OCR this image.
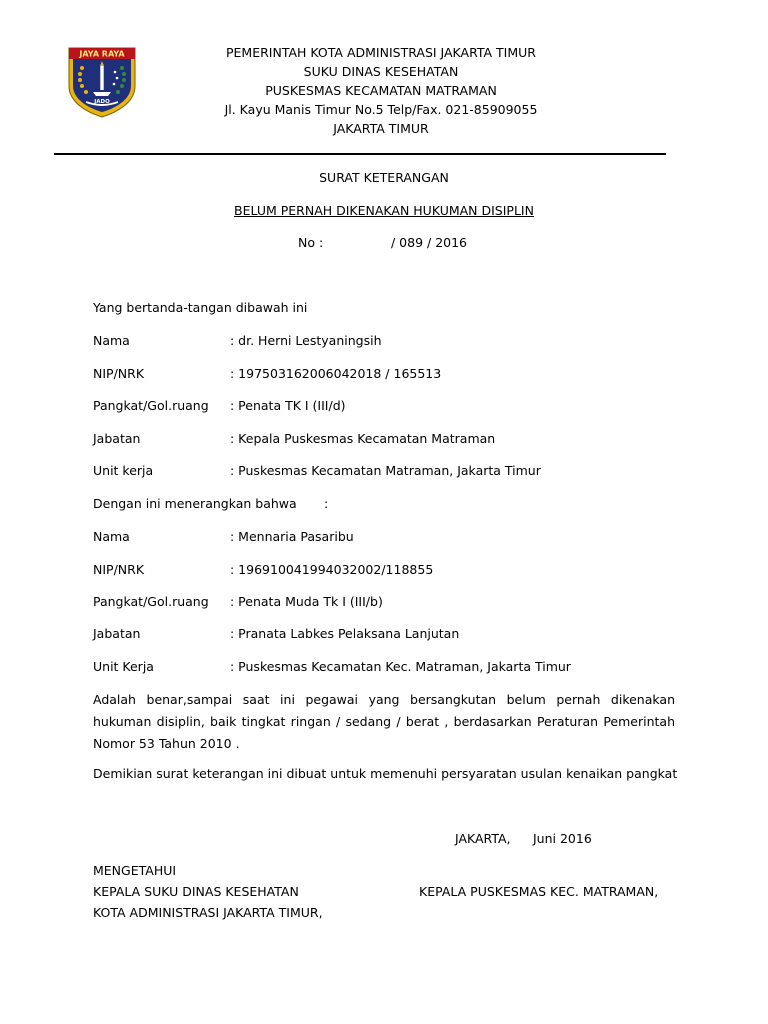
JAYA RAYA
JADO
PEMERINTAH KOTA ADMINISTRASI JAKARTA TIMUR
SUKU DINAS KESEHATAN
PUSKESMAS KECAMATAN MATRAMAN
Jl. Kayu Manis Timur No.5 Telp/Fax. 021-85909055
JAKARTA TIMUR
SURAT KETERANGAN
BELUM PERNAH DIKENAKAN HUKUMAN DISIPLIN
No :	/ 089 / 2016
Yang bertanda-tangan dibawah ini
Nama	: dr. Herni Lestyaningsih
NIP/NRK	: 197503162006042018 / 165513
Pangkat/Gol.ruang : Penata TK I (III/d)
Jabatan	: Kepala Puskesmas Kecamatan Matraman
Unit kerja	: Puskesmas Kecamatan Matraman, Jakarta Timur
Dengan ini menerangkan bahwa :
Nama	: Mennaria Pasaribu
NIP/NRK	: 196910041994032002/118855
Pangkat/Gol.ruang : Penata Muda Tk I (III/b)
Jabatan	: Pranata Labkes Pelaksana Lanjutan
Unit Kerja	: Puskesmas Kecamatan Kec. Matraman, Jakarta Timur
Adalah benar,sampai saat ini pegawai yang bersangkutan belum pernah dikenakan hukuman disiplin, baik tingkat ringan / sedang / berat , berdasarkan Peraturan Pemerintah Nomor 53 Tahun 2010 .
Demikian surat keterangan ini dibuat untuk memenuhi persyaratan usulan kenaikan pangkat
JAKARTA, Juni 2016
MENGETAHUI
KEPALA SUKU DINAS KESEHATAN
KOTA ADMINISTRASI JAKARTA TIMUR,
KEPALA PUSKESMAS KEC. MATRAMAN,
